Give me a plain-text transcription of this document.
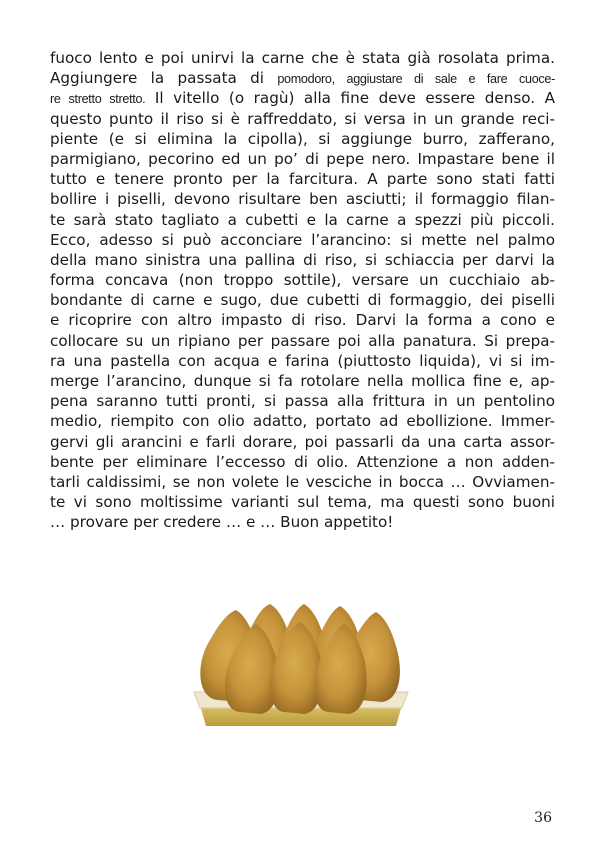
fuoco lento e poi unirvi la carne che è stata già rosolata prima.
Aggiungere la passata di pomodoro, aggiustare di sale e fare cuoce-
re stretto stretto. Il vitello (o ragù) alla fine deve essere denso. A
questo punto il riso si è raffreddato, si versa in un grande reci-
piente (e si elimina la cipolla), si aggiunge burro, zafferano,
parmigiano, pecorino ed un po’ di pepe nero. Impastare bene il
tutto e tenere pronto per la farcitura. A parte sono stati fatti
bollire i piselli, devono risultare ben asciutti; il formaggio filan-
te sarà stato tagliato a cubetti e la carne a spezzi più piccoli.
Ecco, adesso si può acconciare l’arancino: si mette nel palmo
della mano sinistra una pallina di riso, si schiaccia per darvi la
forma concava (non troppo sottile), versare un cucchiaio ab-
bondante di carne e sugo, due cubetti di formaggio, dei piselli
e ricoprire con altro impasto di riso. Darvi la forma a cono e
collocare su un ripiano per passare poi alla panatura. Si prepa-
ra una pastella con acqua e farina (piuttosto liquida), vi si im-
merge l’arancino, dunque si fa rotolare nella mollica fine e, ap-
pena saranno tutti pronti, si passa alla frittura in un pentolino
medio, riempito con olio adatto, portato ad ebollizione. Immer-
gervi gli arancini e farli dorare, poi passarli da una carta assor-
bente per eliminare l’eccesso di olio. Attenzione a non adden-
tarli caldissimi, se non volete le vesciche in bocca … Ovviamen-
te vi sono moltissime varianti sul tema, ma questi sono buoni
… provare per credere … e … Buon appetito!
36
